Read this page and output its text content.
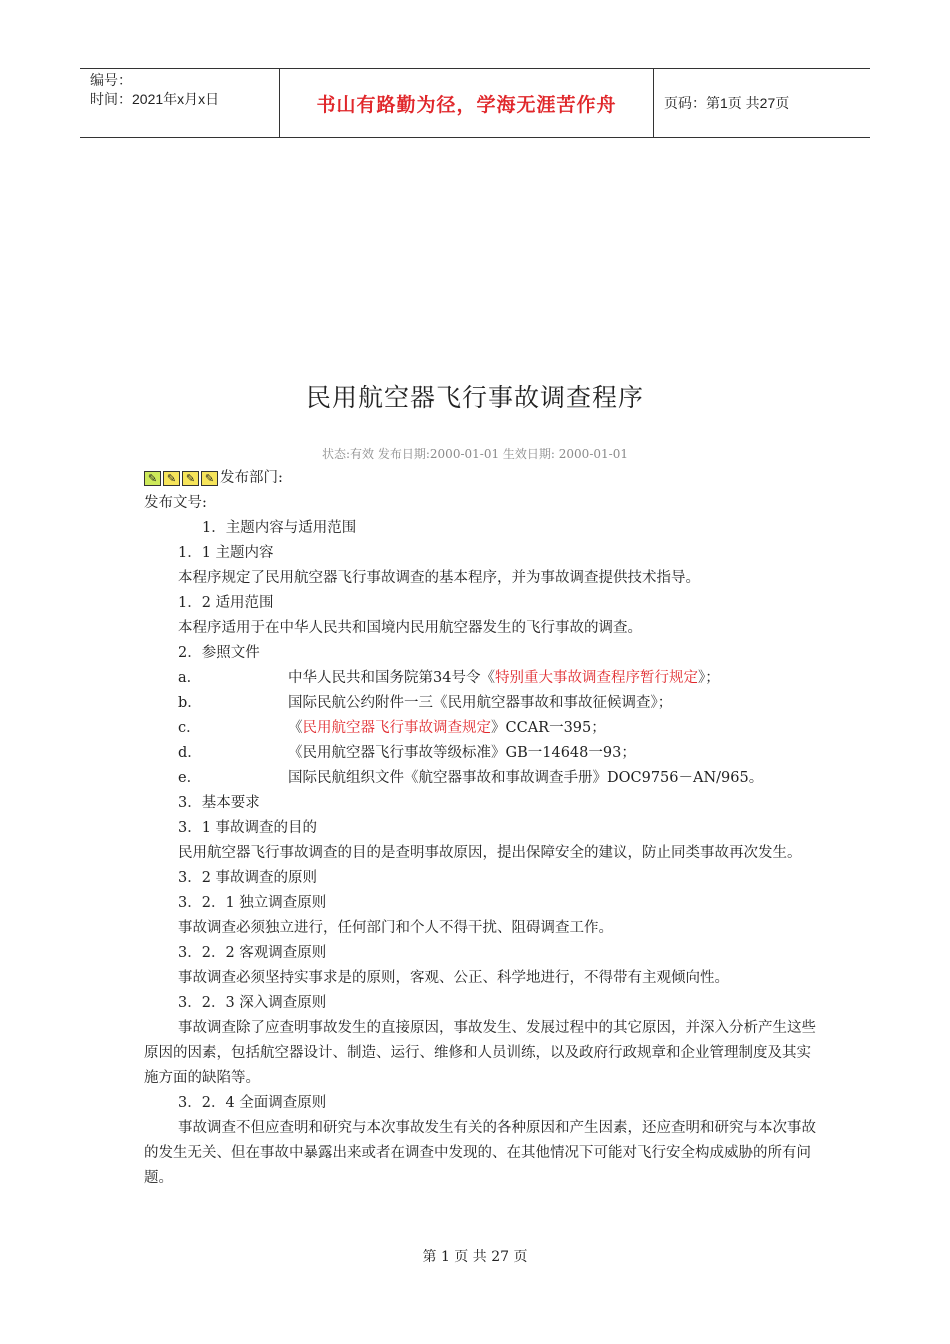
编号：
时间：2021年x月x日	书山有路勤为径，学海无涯苦作舟	页码：第1页 共27页
民用航空器飞行事故调查程序
状态:有效 发布日期:2000-01-01 生效日期: 2000-01-01

✎ ✎ ✎ ✎ 发布部门:

发布文号:

1．主题内容与适用范围

1．1 主题内容

本程序规定了民用航空器飞行事故调查的基本程序，并为事故调查提供技术指导。

1．2 适用范围

本程序适用于在中华人民共和国境内民用航空器发生的飞行事故的调查。

2．参照文件

a．	中华人民共和国务院第34号令《特别重大事故调查程序暂行规定》；
b．	国际民航公约附件一三《民用航空器事故和事故征候调查》；
c．	《民用航空器飞行事故调查规定》CCAR一395；
d．	《民用航空器飞行事故等级标准》GB一14648一93；
e．	国际民航组织文件《航空器事故和事故调查手册》DOC9756－AN/965。

3．基本要求

3．1 事故调查的目的

民用航空器飞行事故调查的目的是查明事故原因，提出保障安全的建议，防止同类事故再次发生。

3．2 事故调查的原则

3．2．1 独立调查原则

事故调查必须独立进行，任何部门和个人不得干扰、阻碍调查工作。

3．2．2 客观调查原则

事故调查必须坚持实事求是的原则，客观、公正、科学地进行，不得带有主观倾向性。

3．2．3 深入调查原则

事故调查除了应查明事故发生的直接原因，事故发生、发展过程中的其它原因，并深入分析产生这些原因的因素，包括航空器设计、制造、运行、维修和人员训练，以及政府行政规章和企业管理制度及其实施方面的缺陷等。

3．2．4 全面调查原则

事故调查不但应查明和研究与本次事故发生有关的各种原因和产生因素，还应查明和研究与本次事故的发生无关、但在事故中暴露出来或者在调查中发现的、在其他情况下可能对飞行安全构成威胁的所有问题。

第 1 页 共 27 页
